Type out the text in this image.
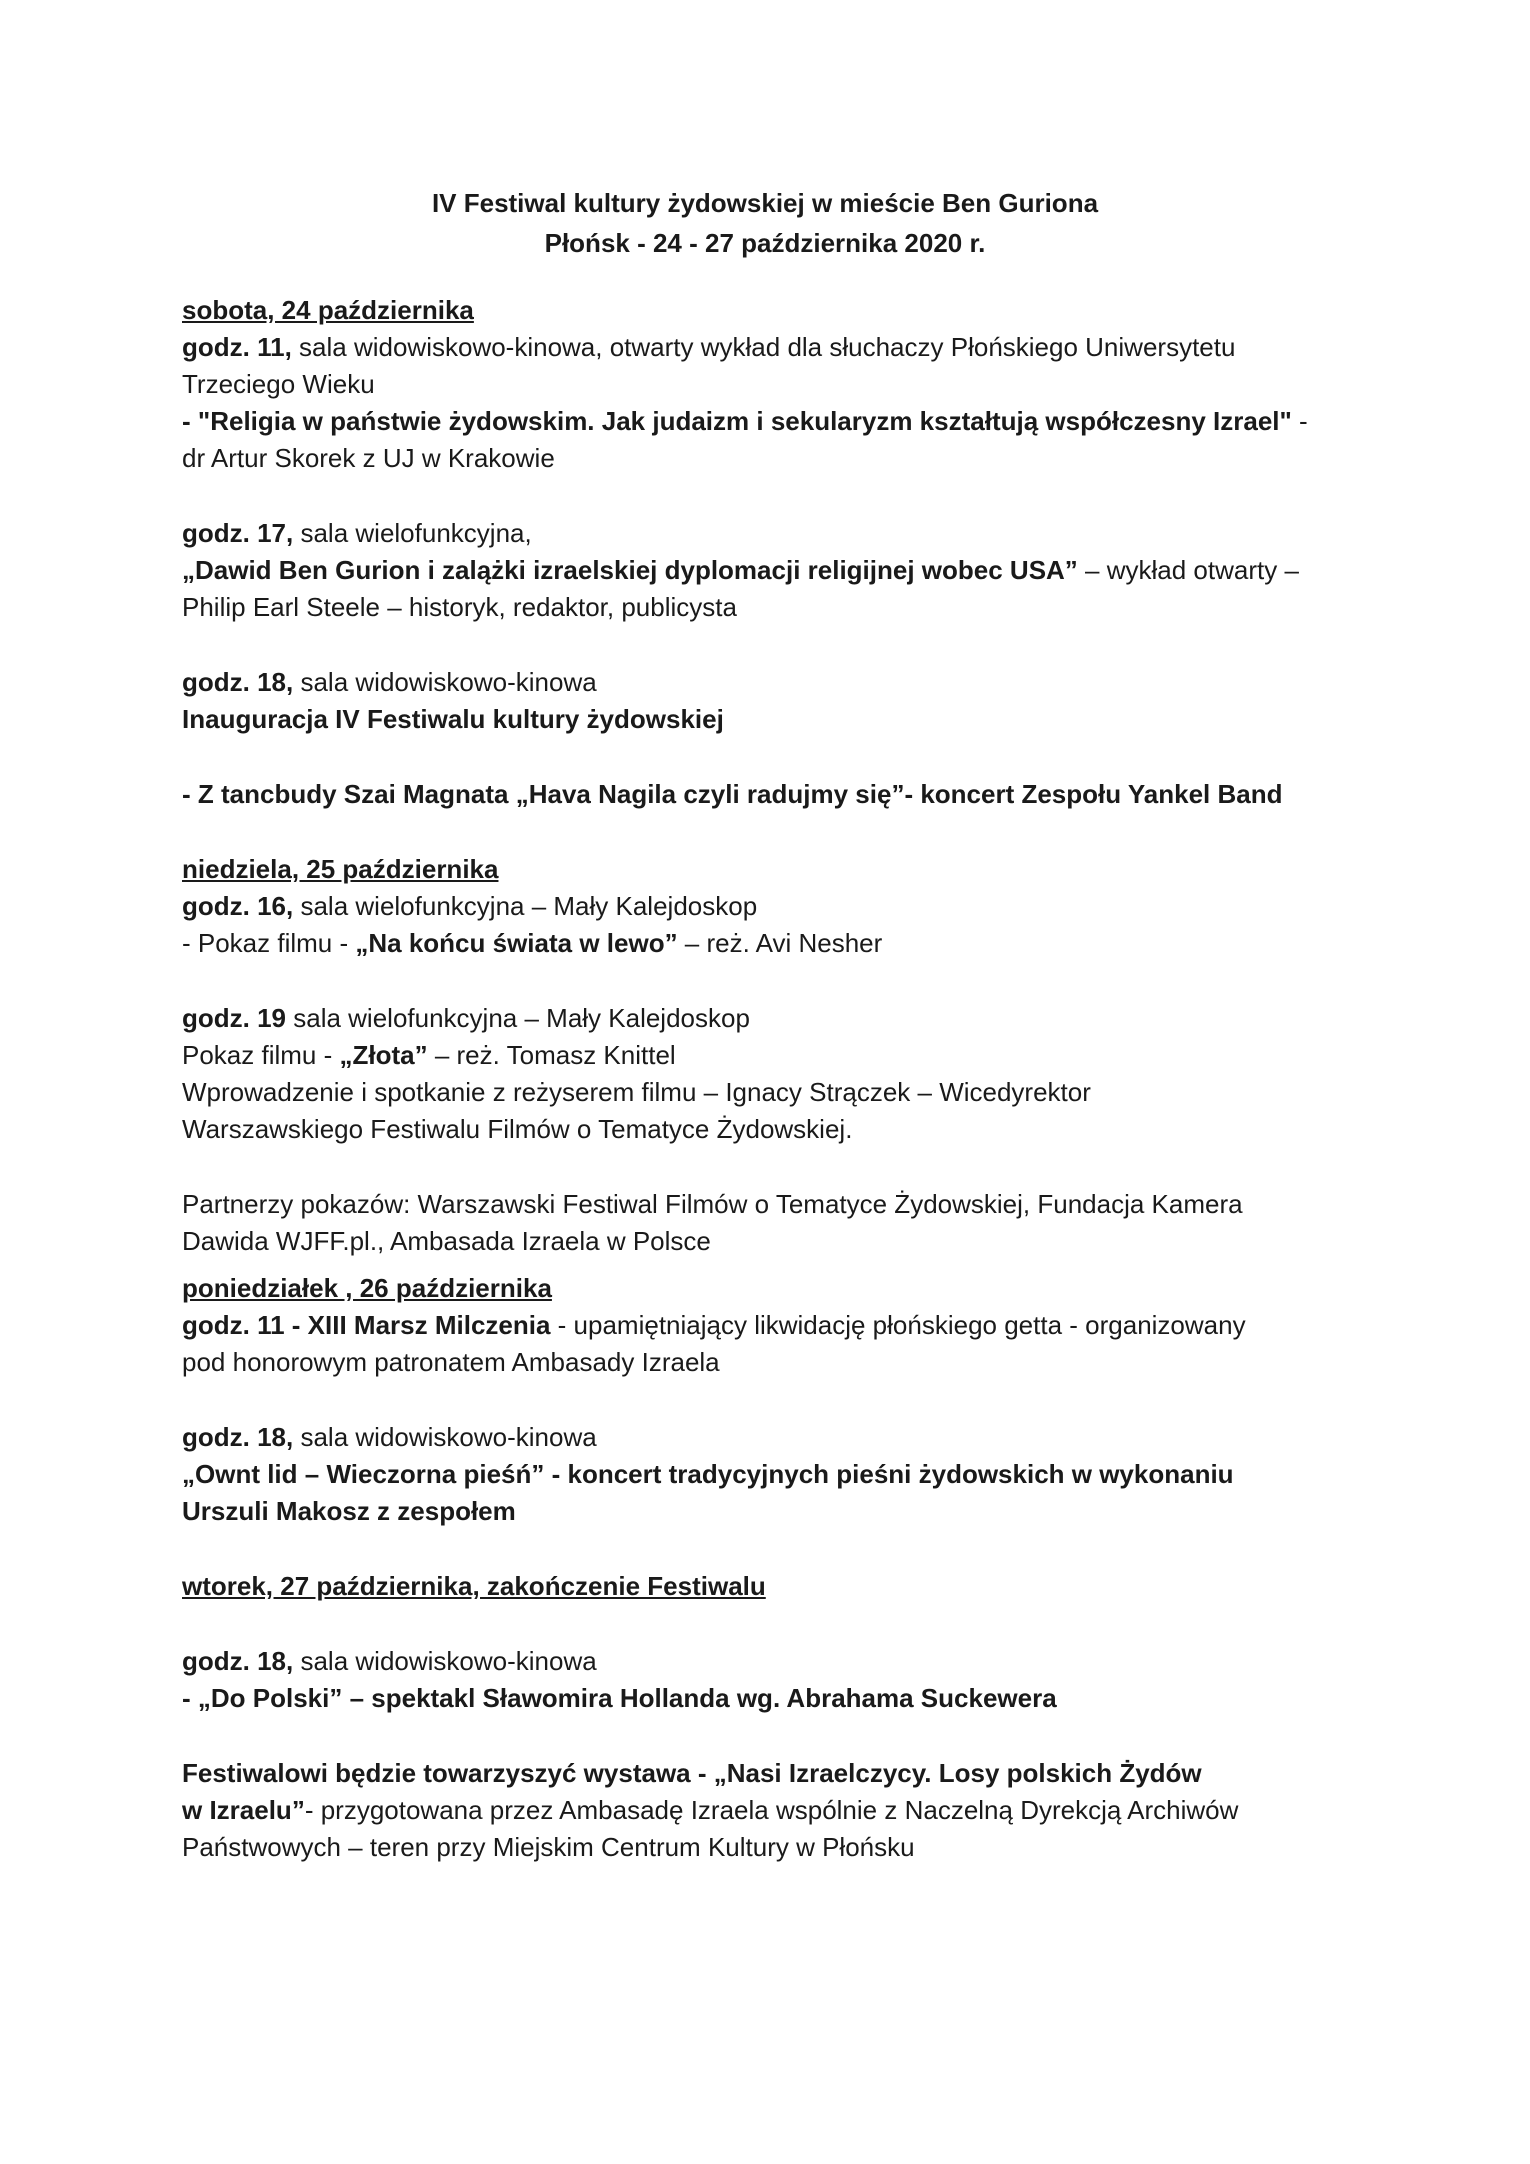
IV Festiwal kultury żydowskiej w mieście Ben Guriona
Płońsk - 24 - 27 października 2020 r.
sobota, 24 października
godz. 11, sala widowiskowo-kinowa, otwarty wykład dla słuchaczy Płońskiego Uniwersytetu
Trzeciego Wieku
- "Religia w państwie żydowskim. Jak judaizm i sekularyzm kształtują współczesny Izrael" -
dr Artur Skorek z UJ w Krakowie
godz. 17, sala wielofunkcyjna,
„Dawid Ben Gurion i zalążki izraelskiej dyplomacji religijnej wobec USA” – wykład otwarty –
Philip Earl Steele – historyk, redaktor, publicysta
godz. 18, sala widowiskowo-kinowa
Inauguracja IV Festiwalu kultury żydowskiej
- Z tancbudy Szai Magnata „Hava Nagila czyli radujmy się”- koncert Zespołu Yankel Band
niedziela, 25 października
godz. 16, sala wielofunkcyjna – Mały Kalejdoskop
- Pokaz filmu - „Na końcu świata w lewo” – reż. Avi Nesher
godz. 19 sala wielofunkcyjna – Mały Kalejdoskop
Pokaz filmu - „Złota” – reż. Tomasz Knittel
Wprowadzenie i spotkanie z reżyserem filmu – Ignacy Strączek – Wicedyrektor
Warszawskiego Festiwalu Filmów o Tematyce Żydowskiej.
Partnerzy pokazów: Warszawski Festiwal Filmów o Tematyce Żydowskiej, Fundacja Kamera
Dawida WJFF.pl., Ambasada Izraela w Polsce
poniedziałek , 26 października
godz. 11 - XIII Marsz Milczenia - upamiętniający likwidację płońskiego getta - organizowany
pod honorowym patronatem Ambasady Izraela
godz. 18, sala widowiskowo-kinowa
„Ownt lid – Wieczorna pieśń” - koncert tradycyjnych pieśni żydowskich w wykonaniu
Urszuli Makosz z zespołem
wtorek, 27 października, zakończenie Festiwalu
godz. 18, sala widowiskowo-kinowa
- „Do Polski” – spektakl Sławomira Hollanda wg. Abrahama Suckewera
Festiwalowi będzie towarzyszyć wystawa - „Nasi Izraelczycy. Losy polskich Żydów
w Izraelu”- przygotowana przez Ambasadę Izraela wspólnie z Naczelną Dyrekcją Archiwów
Państwowych – teren przy Miejskim Centrum Kultury w Płońsku
